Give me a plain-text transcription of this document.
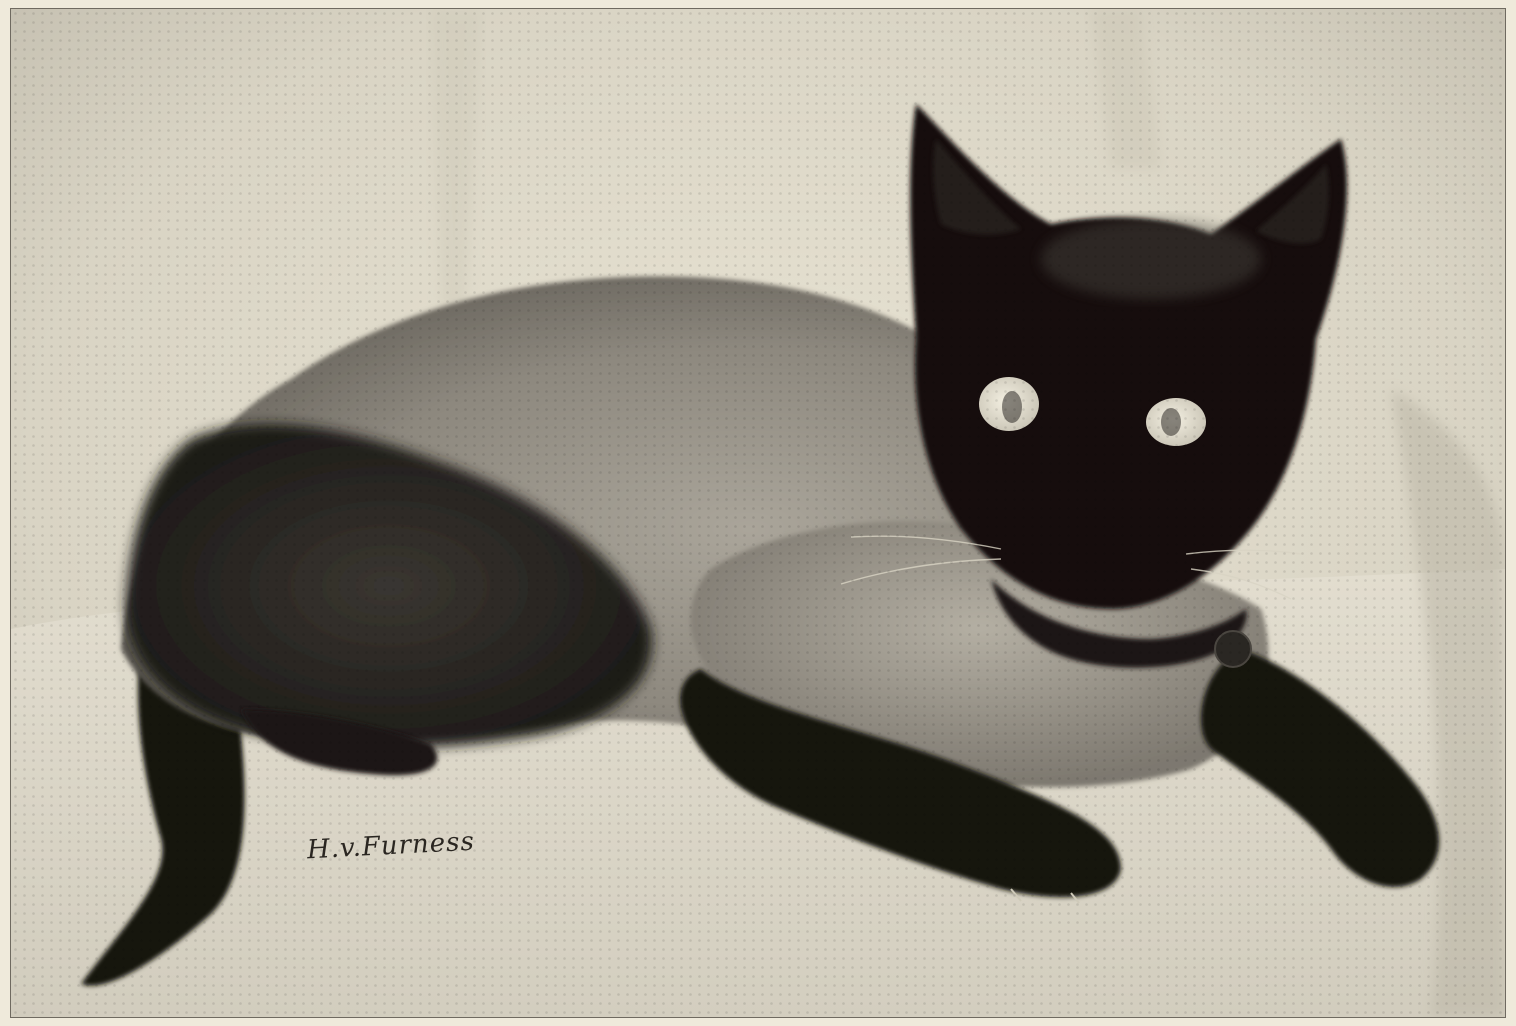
H.v.Furness
